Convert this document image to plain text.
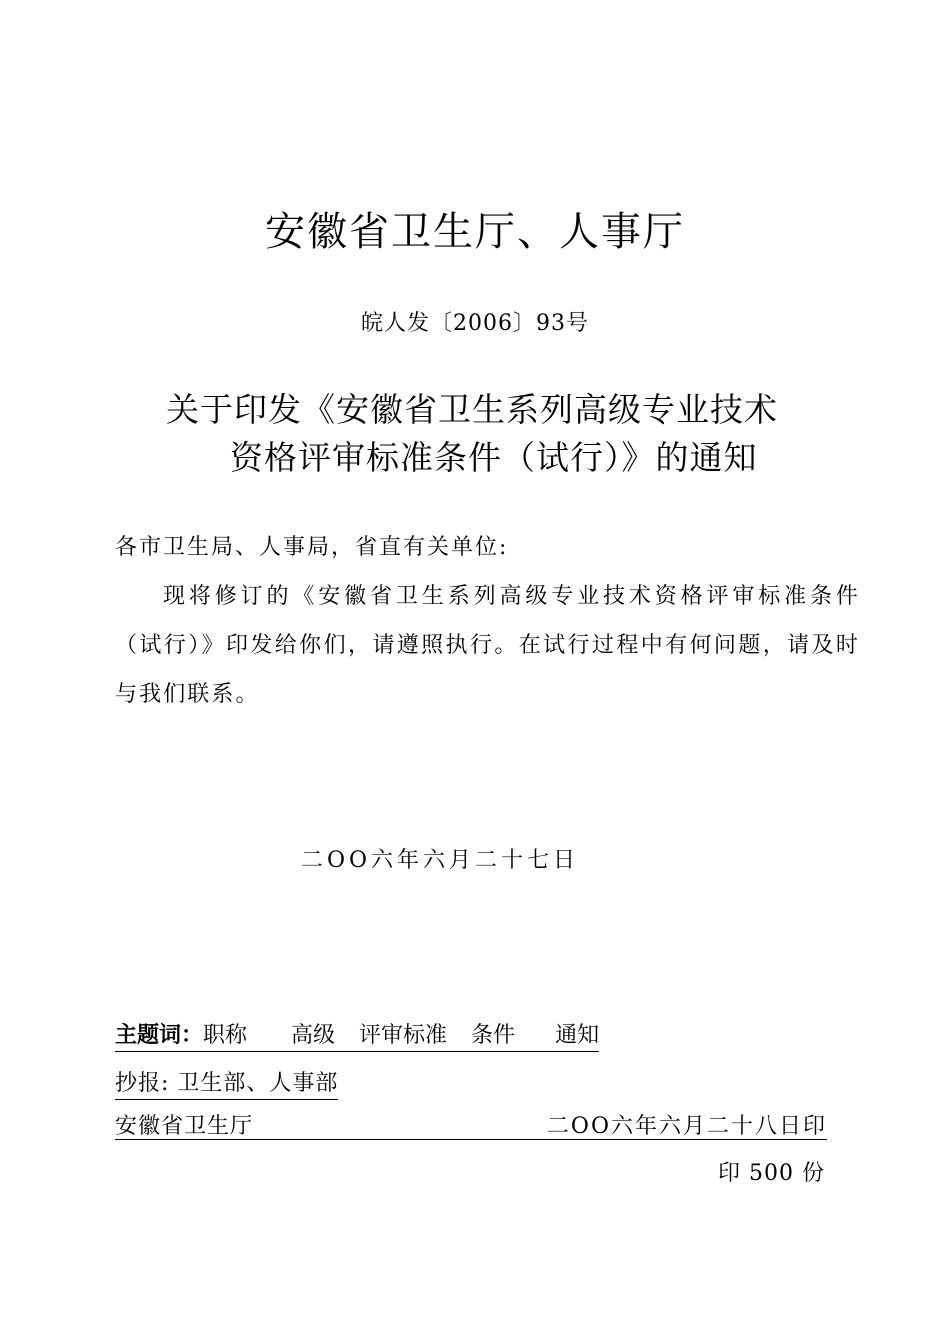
安徽省卫生厅、人事厅
皖人发〔2006〕93号
关于印发《安徽省卫生系列高级专业技术
资格评审标准条件（试行）》的通知
各市卫生局、人事局，省直有关单位:
现将修订的《安徽省卫生系列高级专业技术资格评审标准条件（试行）》印发给你们，请遵照执行。在试行过程中有何问题，请及时与我们联系。
二OO六年六月二十七日
主题词：职称 高级 评审标准 条件 通知
抄报: 卫生部、人事部
安徽省卫生厅	二OO六年六月二十八日印
印 500 份
